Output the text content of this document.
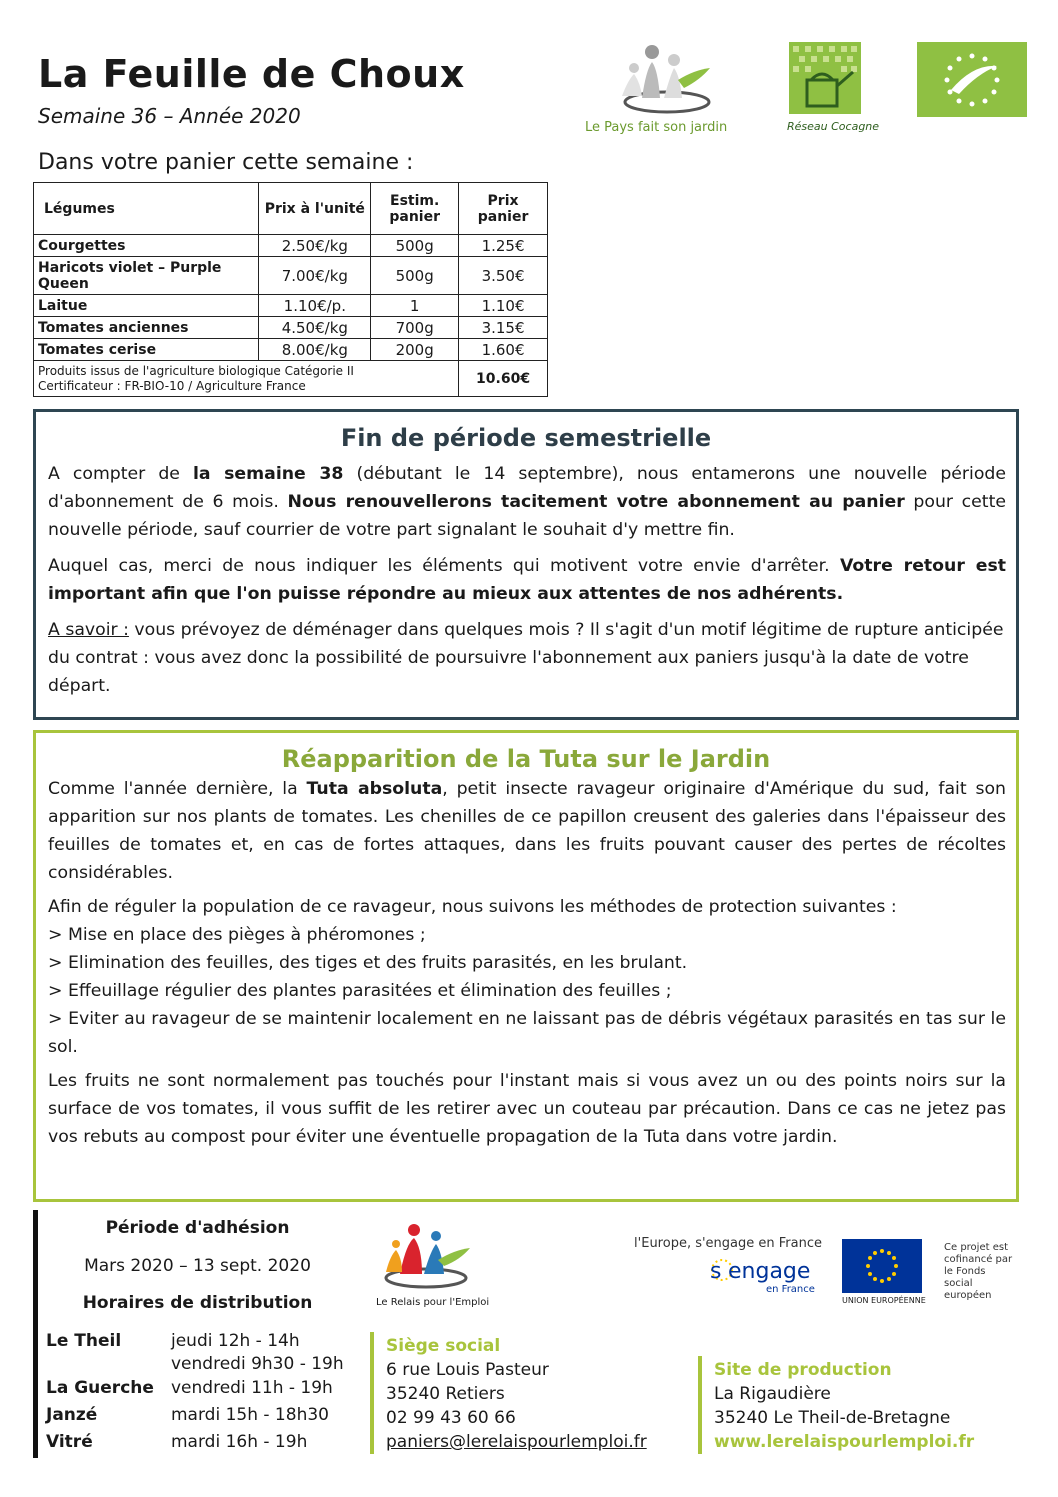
La Feuille de Choux
Semaine 36 – Année 2020
Dans votre panier cette semaine :
Le Pays fait son jardin	Réseau Cocagne
Légumes	Prix à l'unité	Estim. panier	Prix panier
Courgettes	2.50€/kg	500g	1.25€
Haricots violet – Purple Queen	7.00€/kg	500g	3.50€
Laitue	1.10€/p.	1	1.10€
Tomates anciennes	4.50€/kg	700g	3.15€
Tomates cerise	8.00€/kg	200g	1.60€

Produits issus de l'agriculture biologique Catégorie II
Certificateur : FR-BIO-10 / Agriculture France			10.60€
Fin de période semestrielle

A compter de la semaine 38 (débutant le 14 septembre), nous entamerons une nouvelle période d'abonnement de 6 mois. Nous renouvellerons tacitement votre abonnement au panier pour cette nouvelle période, sauf courrier de votre part signalant le souhait d'y mettre fin.

Auquel cas, merci de nous indiquer les éléments qui motivent votre envie d'arrêter. Votre retour est important afin que l'on puisse répondre au mieux aux attentes de nos adhérents.

A savoir : vous prévoyez de déménager dans quelques mois ? Il s'agit d'un motif légitime de rupture anticipée du contrat : vous avez donc la possibilité de poursuivre l'abonnement aux paniers jusqu'à la date de votre départ.

Réapparition de la Tuta sur le Jardin

Comme l'année dernière, la Tuta absoluta, petit insecte ravageur originaire d'Amérique du sud, fait son apparition sur nos plants de tomates. Les chenilles de ce papillon creusent des galeries dans l'épaisseur des feuilles de tomates et, en cas de fortes attaques, dans les fruits pouvant causer des pertes de récoltes considérables.

Afin de réguler la population de ce ravageur, nous suivons les méthodes de protection suivantes :
> Mise en place des pièges à phéromones ;
> Elimination des feuilles, des tiges et des fruits parasités, en les brulant.
> Effeuillage régulier des plantes parasitées et élimination des feuilles ;
> Eviter au ravageur de se maintenir localement en ne laissant pas de débris végétaux parasités en tas sur le sol.

Les fruits ne sont normalement pas touchés pour l'instant mais si vous avez un ou des points noirs sur la surface de vos tomates, il vous suffit de les retirer avec un couteau par précaution. Dans ce cas ne jetez pas vos rebuts au compost pour éviter une éventuelle propagation de la Tuta dans votre jardin.

Période d'adhésion
Mars 2020 – 13 sept. 2020
Horaires de distribution
Le Theil	jeudi 12h - 14h
vendredi 9h30 - 19h
La Guerche vendredi 11h - 19h
Janzé	mardi 15h - 18h30
Vitré	mardi 16h - 19h
Le Relais pour l'Emploi
l'Europe, s'engage en France
s engage
en France
UNION EUROPÉENNE
Ce projet est cofinancé par le Fonds social européen
Siège social
6 rue Louis Pasteur
35240 Retiers
02 99 43 60 66
paniers@lerelaispourlemploi.fr
Site de production
La Rigaudière
35240 Le Theil-de-Bretagne
www.lerelaispourlemploi.fr
